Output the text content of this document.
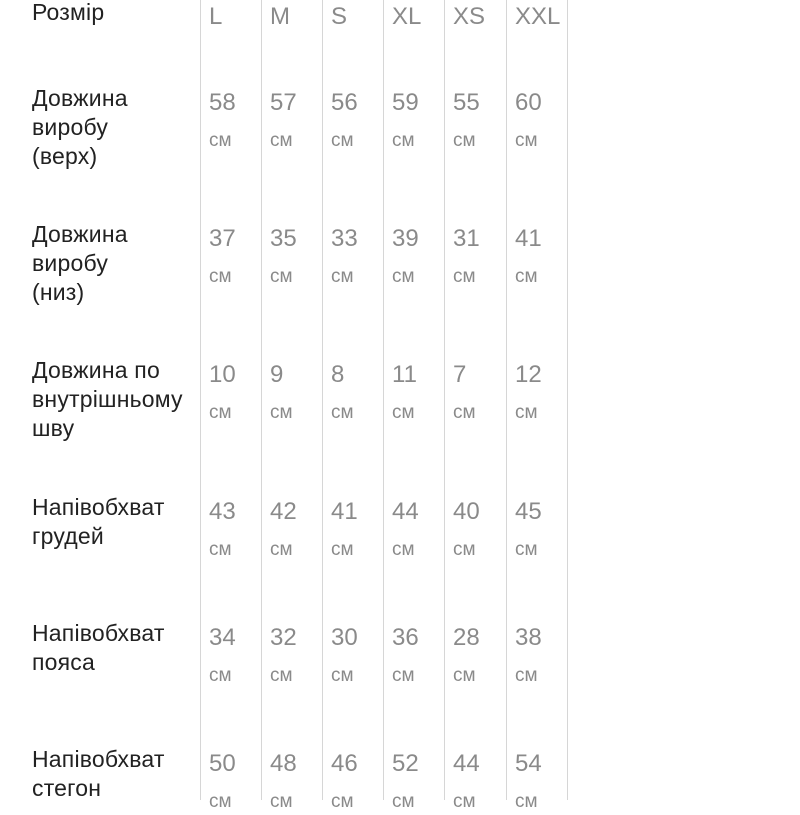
Розмір	L M S XL XS XXL
Довжина
виробу
(верх)
58
см
57
см
56
см
59
см
55
см
60
см
Довжина
виробу
(низ)
37
см
35
см
33
см
39
см
31
см
41
см
Довжина по
внутрішньому
шву
10
см
9
см
8
см
11
см
7
см
12
см
Напівобхват
грудей
43
см
42
см
41
см
44
см
40
см
45
см
Напівобхват
пояса
34
см
32
см
30
см
36
см
28
см
38
см
Напівобхват
стегон
50
см
48
см
46
см
52
см
44
см
54
см
